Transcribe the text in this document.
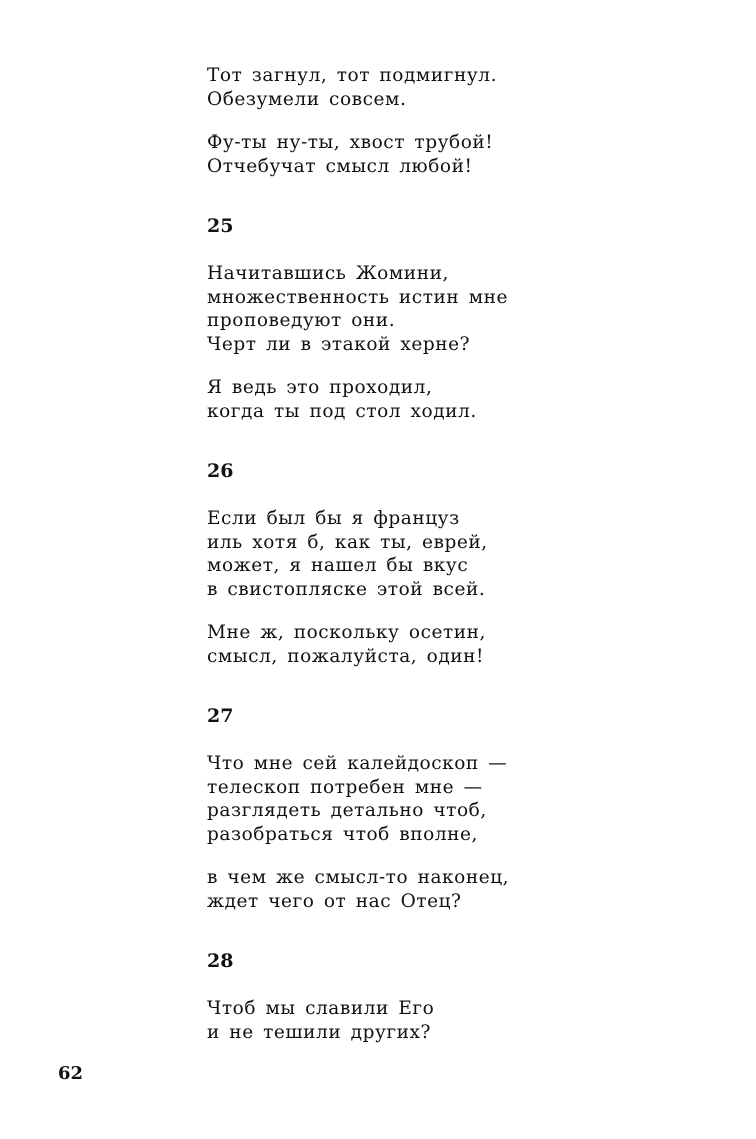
Тот загнул, тот подмигнул.
Обезумели совсем.
Фу-ты ну-ты, хвост трубой!
Отчебучат смысл любой!
25
Начитавшись Жомини,
множественность истин мне
проповедуют они.
Черт ли в этакой херне?
Я ведь это проходил,
когда ты под стол ходил.
26
Если был бы я француз
иль хотя б, как ты, еврей,
может, я нашел бы вкус
в свистопляске этой всей.
Мне ж, поскольку осетин,
смысл, пожалуйста, один!
27
Что мне сей калейдоскоп —
телескоп потребен мне —
разглядеть детально чтоб,
разобраться чтоб вполне,
в чем же смысл-то наконец,
ждет чего от нас Отец?
28
Чтоб мы славили Его
и не тешили других?
62
